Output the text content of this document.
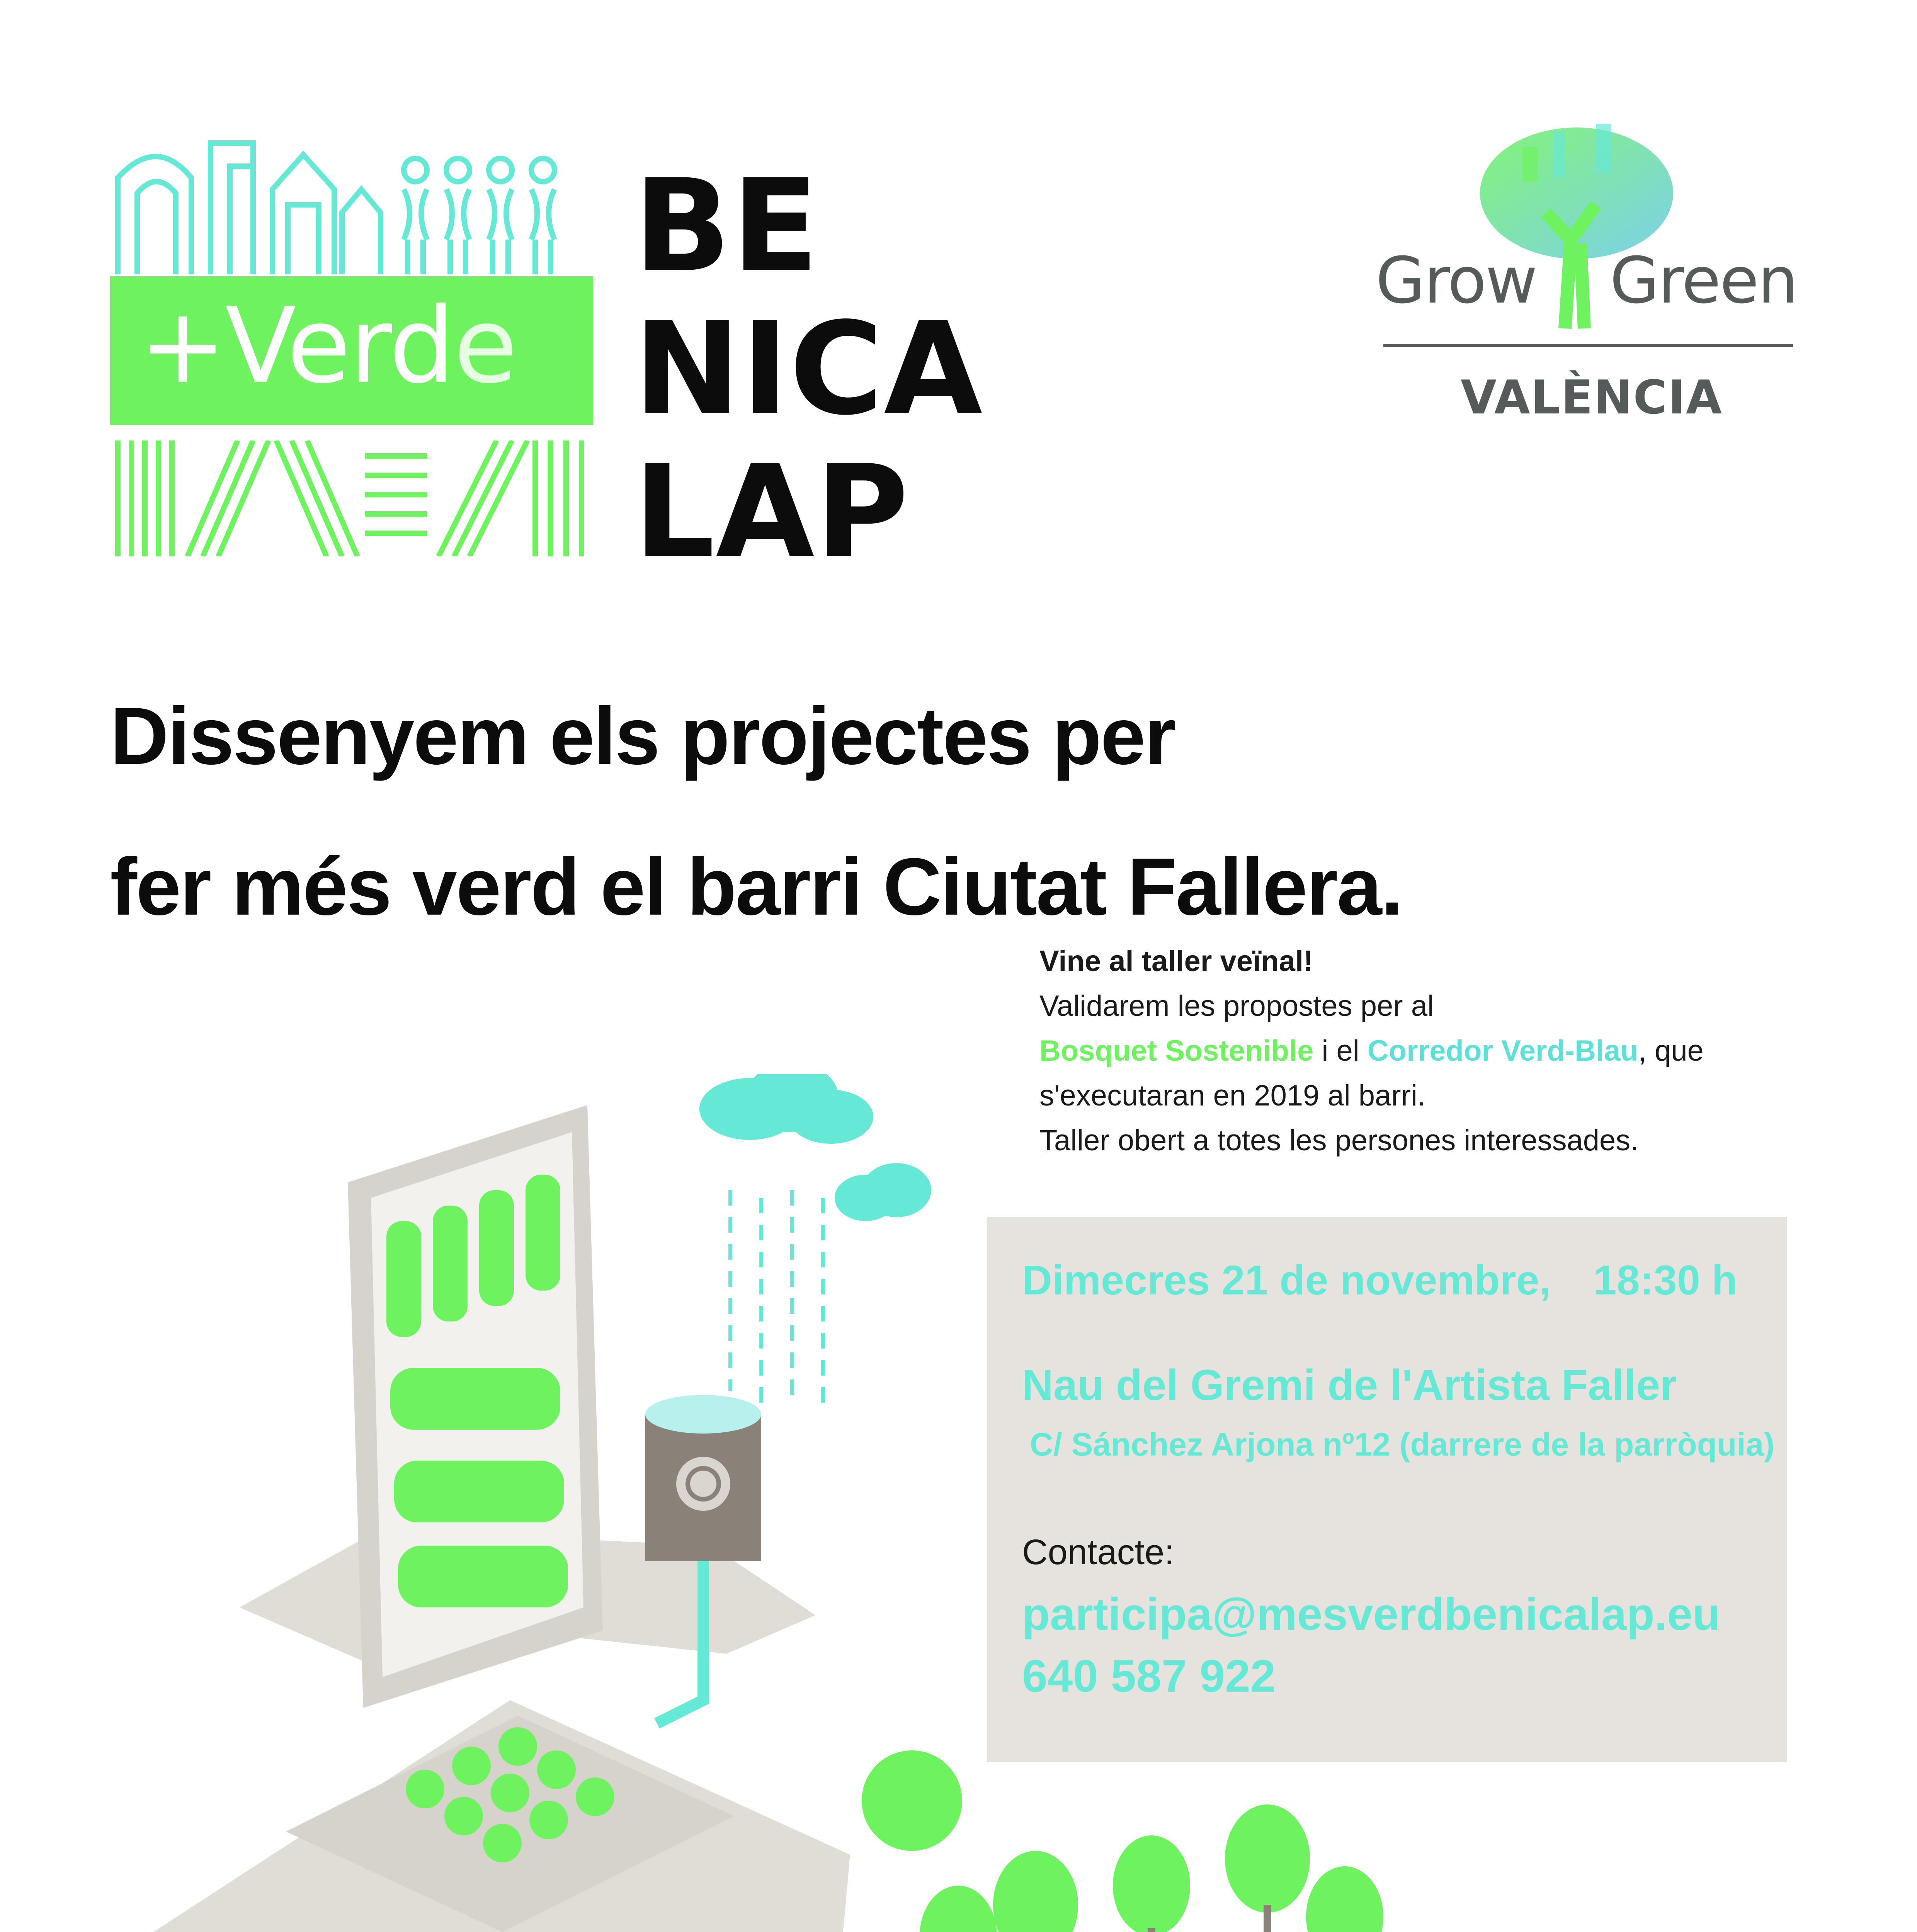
+Verde
BE
NICA
LAP
Grow Green
VALÈNCIA
Dissenyem els projectes per
fer més verd el barri Ciutat Fallera.
Vine al taller veïnal!
Validarem les propostes per al
Bosquet Sostenible i el Corredor Verd-Blau, que
s'executaran en 2019 al barri.
Taller obert a totes les persones interessades.
Dimecres 21 de novembre, 18:30 h
Nau del Gremi de l'Artista Faller
C/ Sánchez Arjona nº12 (darrere de la parròquia)
Contacte:
participa@mesverdbenicalap.eu
640 587 922
